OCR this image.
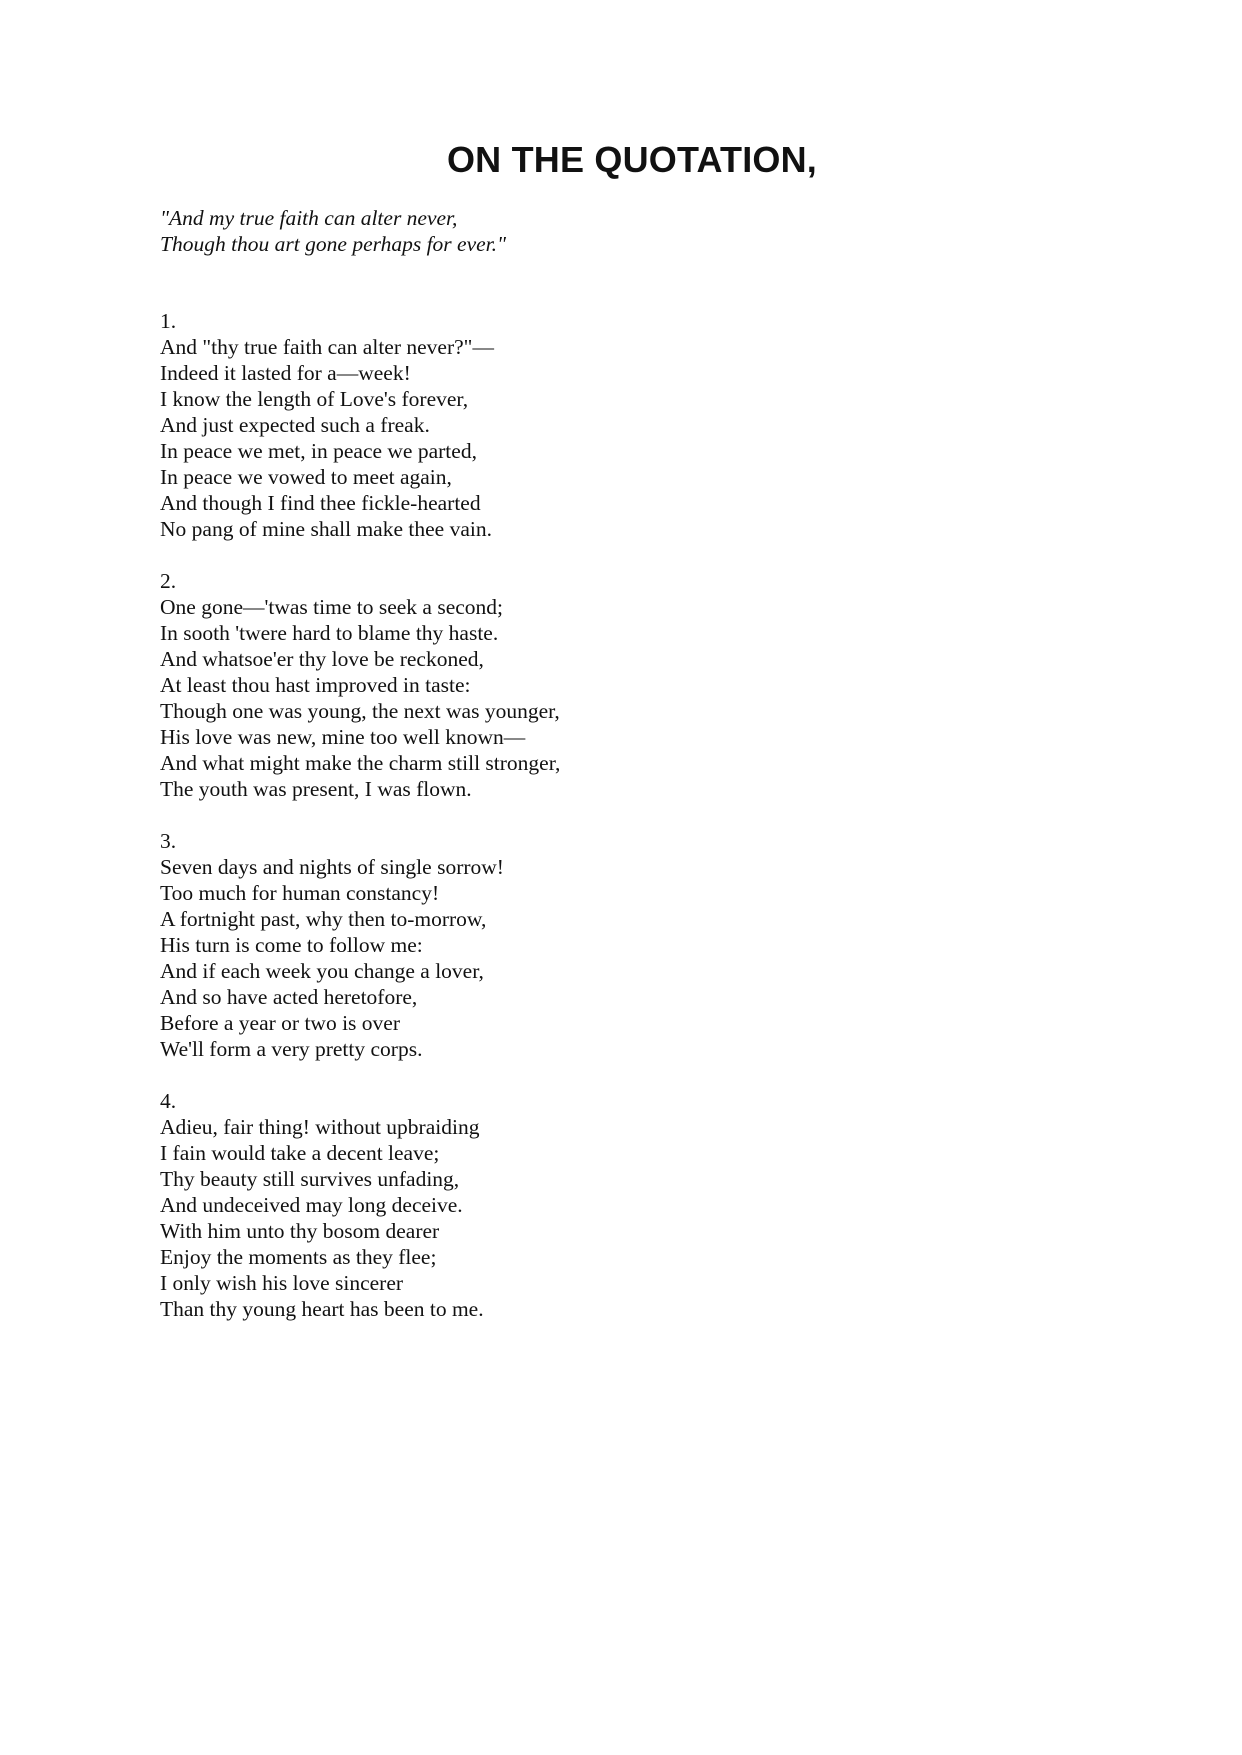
ON THE QUOTATION,
"And my true faith can alter never,
Though thou art gone perhaps for ever."
1.
And "thy true faith can alter never?"—
Indeed it lasted for a—week!
I know the length of Love's forever,
And just expected such a freak.
In peace we met, in peace we parted,
In peace we vowed to meet again,
And though I find thee fickle-hearted
No pang of mine shall make thee vain.
2.
One gone—'twas time to seek a second;
In sooth 'twere hard to blame thy haste.
And whatsoe'er thy love be reckoned,
At least thou hast improved in taste:
Though one was young, the next was younger,
His love was new, mine too well known—
And what might make the charm still stronger,
The youth was present, I was flown.
3.
Seven days and nights of single sorrow!
Too much for human constancy!
A fortnight past, why then to-morrow,
His turn is come to follow me:
And if each week you change a lover,
And so have acted heretofore,
Before a year or two is over
We'll form a very pretty corps.
4.
Adieu, fair thing! without upbraiding
I fain would take a decent leave;
Thy beauty still survives unfading,
And undeceived may long deceive.
With him unto thy bosom dearer
Enjoy the moments as they flee;
I only wish his love sincerer
Than thy young heart has been to me.
